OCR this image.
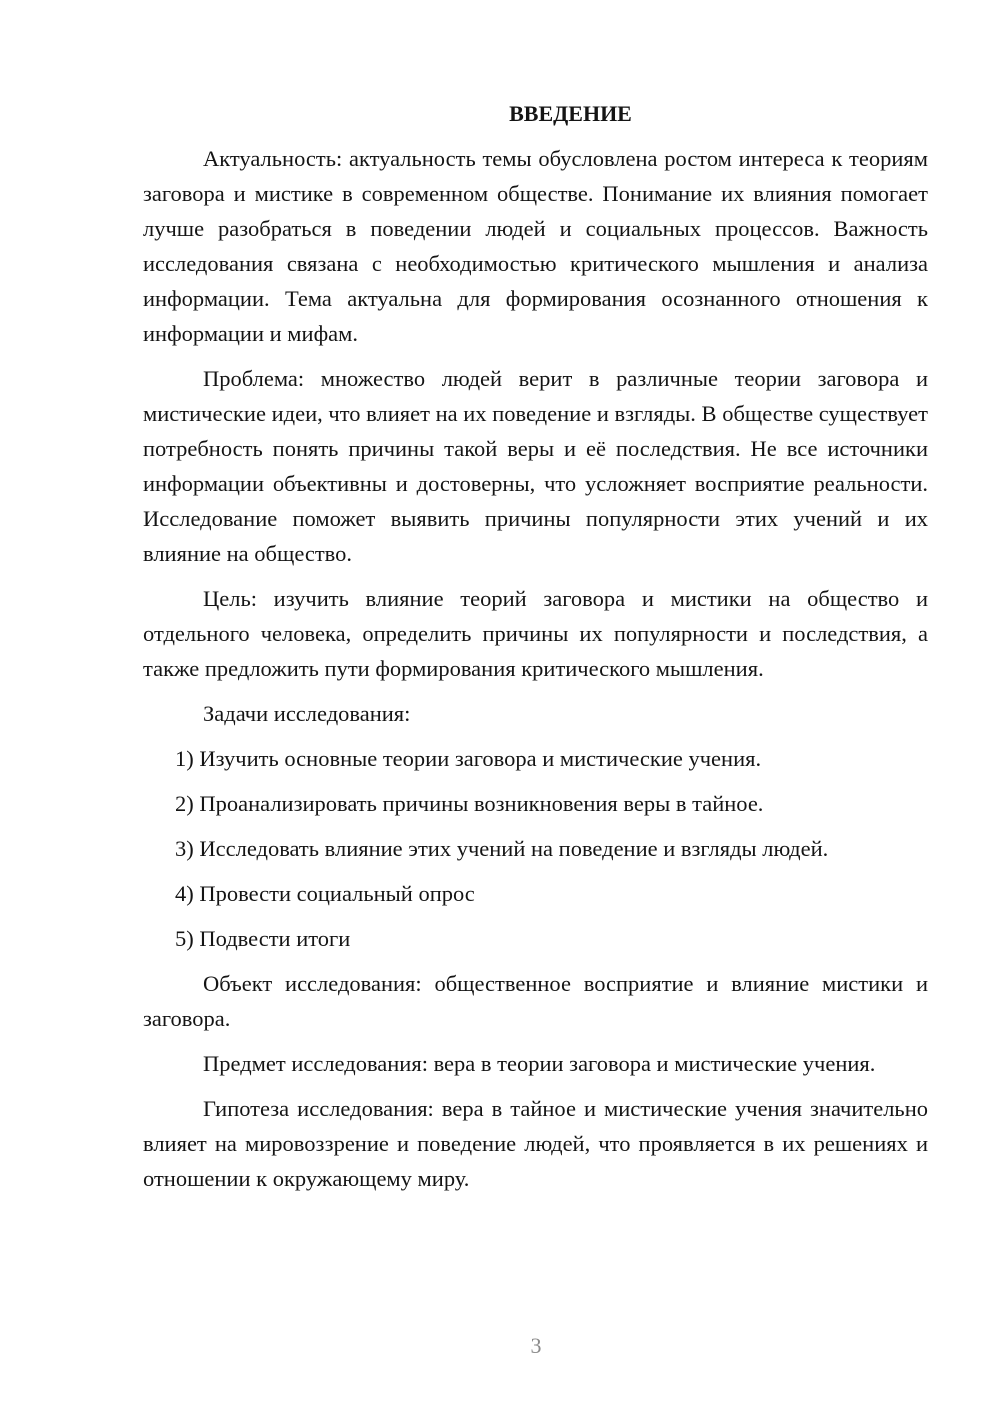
ВВЕДЕНИЕ

Актуальность: актуальность темы обусловлена ростом интереса к теориям заговора и мистике в современном обществе. Понимание их влияния помогает лучше разобраться в поведении людей и социальных процессов. Важность исследования связана с необходимостью критического мышления и анализа информации. Тема актуальна для формирования осознанного отношения к информации и мифам.

Проблема: множество людей верит в различные теории заговора и мистические идеи, что влияет на их поведение и взгляды. В обществе существует потребность понять причины такой веры и её последствия. Не все источники информации объективны и достоверны, что усложняет восприятие реальности. Исследование поможет выявить причины популярности этих учений и их влияние на общество.

Цель: изучить влияние теорий заговора и мистики на общество и отдельного человека, определить причины их популярности и последствия, а также предложить пути формирования критического мышления.

Задачи исследования:

1) Изучить основные теории заговора и мистические учения.
2) Проанализировать причины возникновения веры в тайное.
3) Исследовать влияние этих учений на поведение и взгляды людей.
4) Провести социальный опрос
5) Подвести итоги

Объект исследования: общественное восприятие и влияние мистики и заговора.

Предмет исследования: вера в теории заговора и мистические учения.

Гипотеза исследования: вера в тайное и мистические учения значительно влияет на мировоззрение и поведение людей, что проявляется в их решениях и отношении к окружающему миру.

3
